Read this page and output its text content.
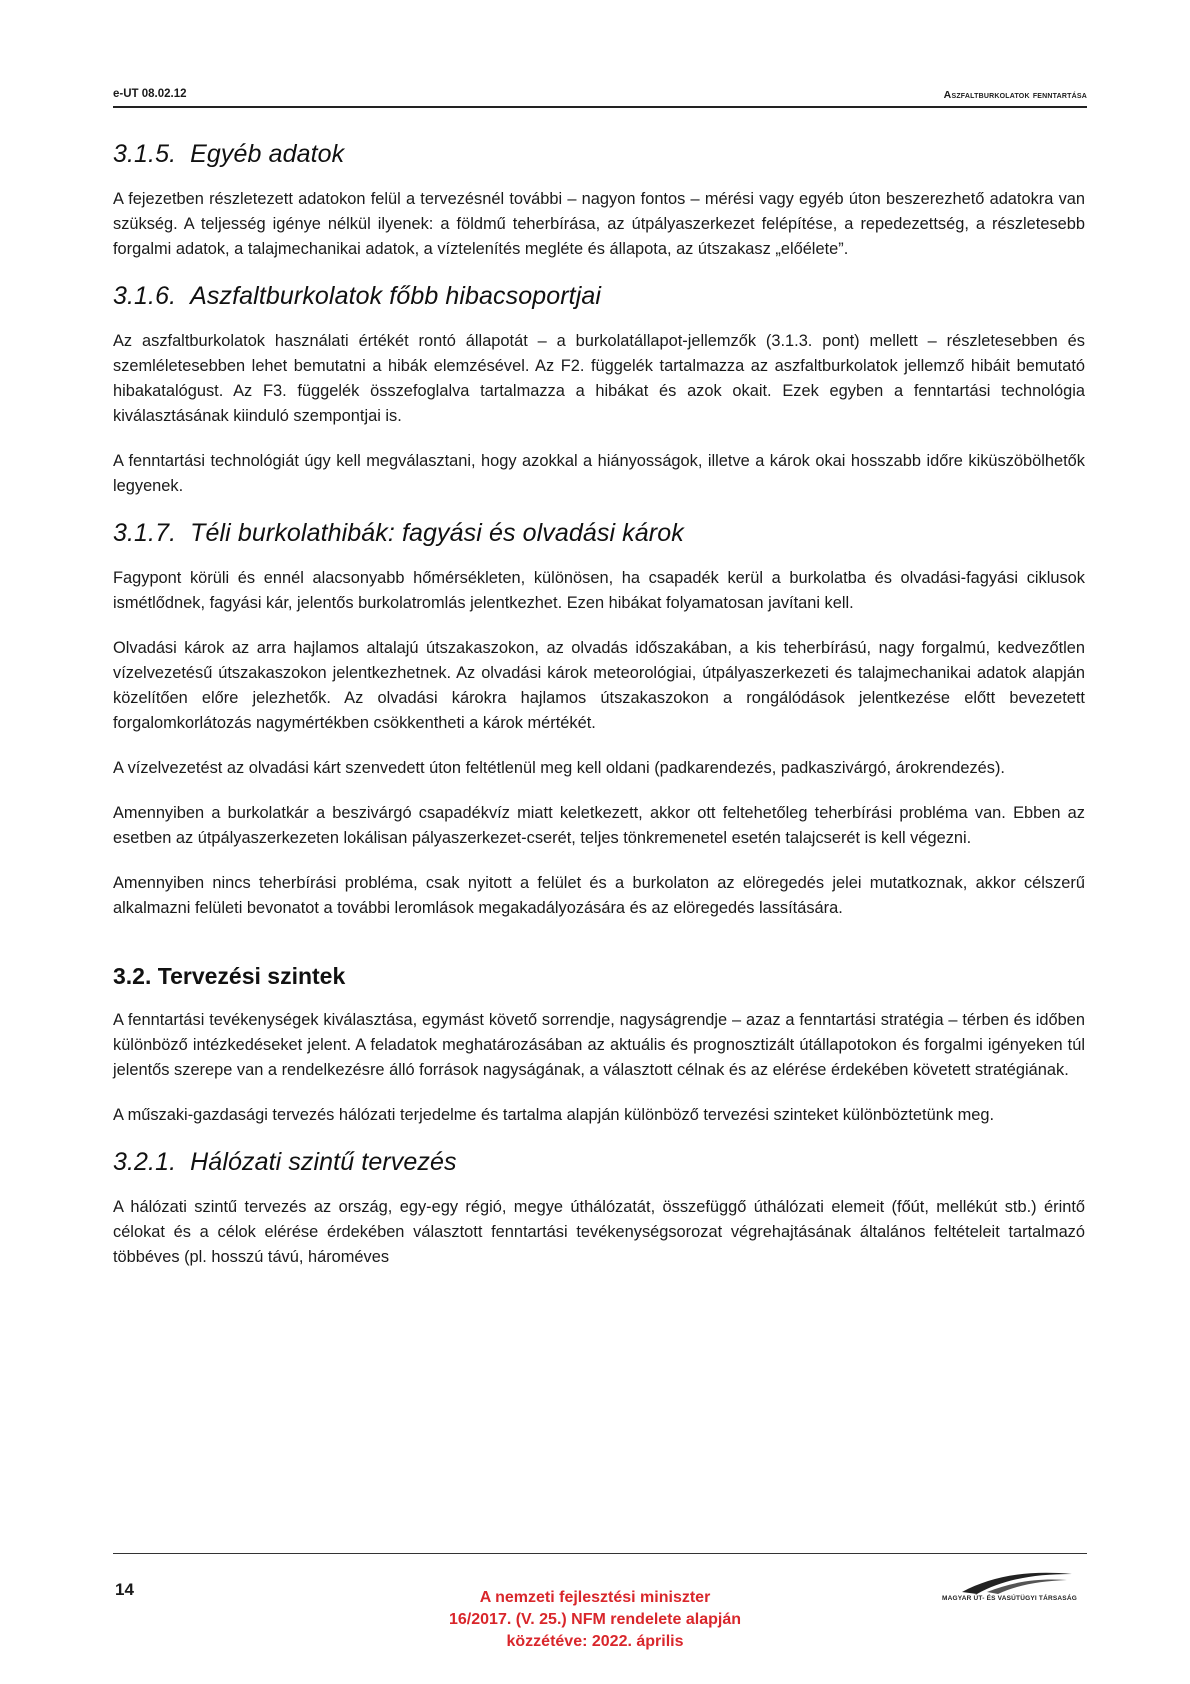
e-UT 08.02.12	Aszfaltburkolatok fenntartása
3.1.5. Egyéb adatok

A fejezetben részletezett adatokon felül a tervezésnél további – nagyon fontos – mérési vagy egyéb úton beszerezhető adatokra van szükség. A teljesség igénye nélkül ilyenek: a földmű teherbírása, az útpályaszerkezet felépítése, a repedezettség, a részletesebb forgalmi adatok, a talajmechanikai adatok, a víztelenítés megléte és állapota, az útszakasz „előélete”.

3.1.6. Aszfaltburkolatok főbb hibacsoportjai

Az aszfaltburkolatok használati értékét rontó állapotát – a burkolatállapot-jellemzők (3.1.3. pont) mellett – részletesebben és szemléletesebben lehet bemutatni a hibák elemzésével. Az F2. függelék tartalmazza az aszfaltburkolatok jellemző hibáit bemutató hibakatalógust. Az F3. függelék összefoglalva tartalmazza a hibákat és azok okait. Ezek egyben a fenntartási technológia kiválasztásának kiinduló szempontjai is.

A fenntartási technológiát úgy kell megválasztani, hogy azokkal a hiányosságok, illetve a károk okai hosszabb időre kiküszöbölhetők legyenek.

3.1.7. Téli burkolathibák: fagyási és olvadási károk

Fagypont körüli és ennél alacsonyabb hőmérsékleten, különösen, ha csapadék kerül a burkolatba és olvadási-fagyási ciklusok ismétlődnek, fagyási kár, jelentős burkolatromlás jelentkezhet. Ezen hibákat folyamatosan javítani kell.

Olvadási károk az arra hajlamos altalajú útszakaszokon, az olvadás időszakában, a kis teherbírású, nagy forgalmú, kedvezőtlen vízelvezetésű útszakaszokon jelentkezhetnek. Az olvadási károk meteorológiai, útpályaszerkezeti és talajmechanikai adatok alapján közelítően előre jelezhetők. Az olvadási károkra hajlamos útszakaszokon a rongálódások jelentkezése előtt bevezetett forgalomkorlátozás nagymértékben csökkentheti a károk mértékét.

A vízelvezetést az olvadási kárt szenvedett úton feltétlenül meg kell oldani (padkarendezés, padkaszivárgó, árokrendezés).

Amennyiben a burkolatkár a beszivárgó csapadékvíz miatt keletkezett, akkor ott feltehetőleg teherbírási probléma van. Ebben az esetben az útpályaszerkezeten lokálisan pályaszerkezet-cserét, teljes tönkremenetel esetén talajcserét is kell végezni.

Amennyiben nincs teherbírási probléma, csak nyitott a felület és a burkolaton az elöregedés jelei mutatkoznak, akkor célszerű alkalmazni felületi bevonatot a további leromlások megakadályozására és az elöregedés lassítására.

3.2. Tervezési szintek

A fenntartási tevékenységek kiválasztása, egymást követő sorrendje, nagyságrendje – azaz a fenntartási stratégia – térben és időben különböző intézkedéseket jelent. A feladatok meghatározásában az aktuális és prognosztizált útállapotokon és forgalmi igényeken túl jelentős szerepe van a rendelkezésre álló források nagyságának, a választott célnak és az elérése érdekében követett stratégiának.

A műszaki-gazdasági tervezés hálózati terjedelme és tartalma alapján különböző tervezési szinteket különböztetünk meg.

3.2.1. Hálózati szintű tervezés

A hálózati szintű tervezés az ország, egy-egy régió, megye úthálózatát, összefüggő úthálózati elemeit (főút, mellékút stb.) érintő célokat és a célok elérése érdekében választott fenntartási tevékenységsorozat végrehajtásának általános feltételeit tartalmazó többéves (pl. hosszú távú, hároméves

14	A nemzeti fejlesztési miniszter
16/2017. (V. 25.) NFM rendelete alapján
közzétéve: 2022. április
MAGYAR ÚT- ÉS VASÚTÜGYI TÁRSASÁG
